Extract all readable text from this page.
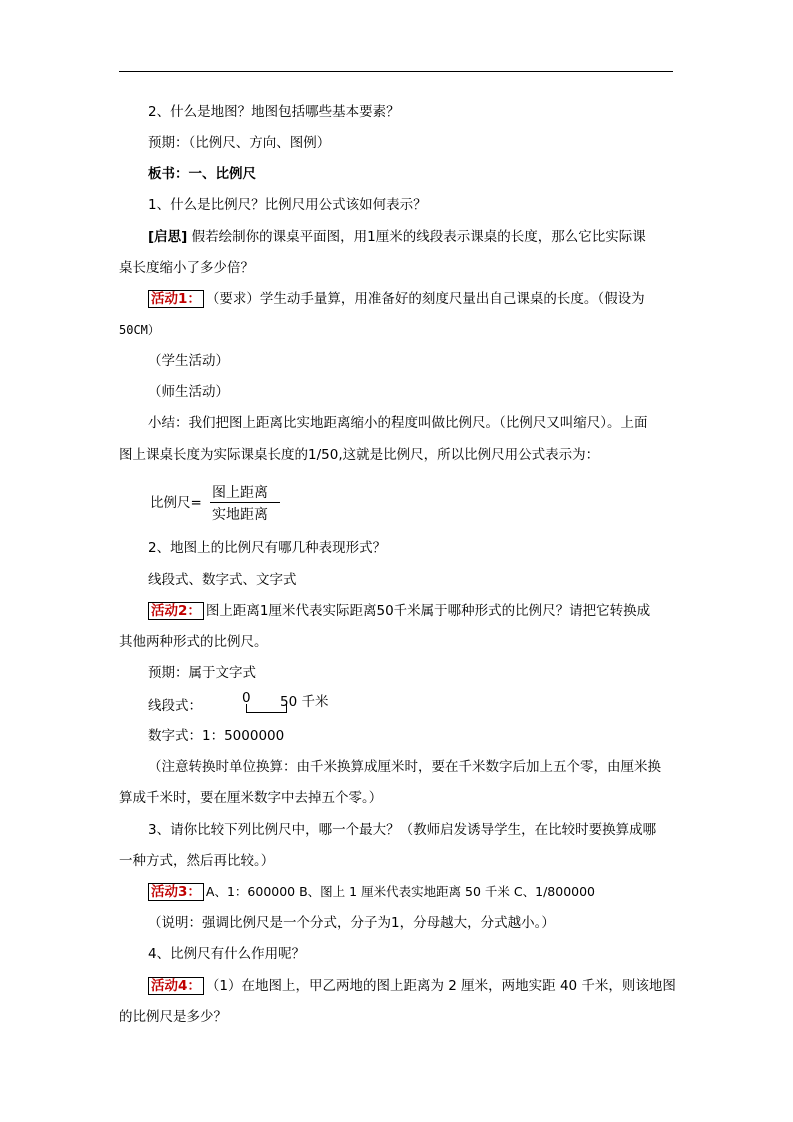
2、什么是地图？地图包括哪些基本要素？
预期：（比例尺、方向、图例）
板书：一、比例尺
1、什么是比例尺？比例尺用公式该如何表示？
[启思] 假若绘制你的课桌平面图，用1厘米的线段表示课桌的长度，那么它比实际课
桌长度缩小了多少倍？
活动1： （要求）学生动手量算，用准备好的刻度尺量出自己课桌的长度。（假设为
50CM）
（学生活动）
（师生活动）
小结：我们把图上距离比实地距离缩小的程度叫做比例尺。（比例尺又叫缩尺）。上面
图上课桌长度为实际课桌长度的1/50,这就是比例尺，所以比例尺用公式表示为：
比例尺=
图上距离
实地距离
2、地图上的比例尺有哪几种表现形式？
线段式、数字式、文字式
活动2： 图上距离1厘米代表实际距离50千米属于哪种形式的比例尺？请把它转换成
其他两种形式的比例尺。
预期：属于文字式
线段式：	0 50 千米
数字式：1：5000000
（注意转换时单位换算：由千米换算成厘米时，要在千米数字后加上五个零，由厘米换
算成千米时，要在厘米数字中去掉五个零。）
3、请你比较下列比例尺中，哪一个最大？（教师启发诱导学生，在比较时要换算成哪
一种方式，然后再比较。）
活动3： A、1：600000 B、图上 1 厘米代表实地距离 50 千米 C、1/800000
（说明：强调比例尺是一个分式，分子为1，分母越大，分式越小。）
4、比例尺有什么作用呢？
活动4： （1）在地图上，甲乙两地的图上距离为 2 厘米，两地实距 40 千米，则该地图
的比例尺是多少？
